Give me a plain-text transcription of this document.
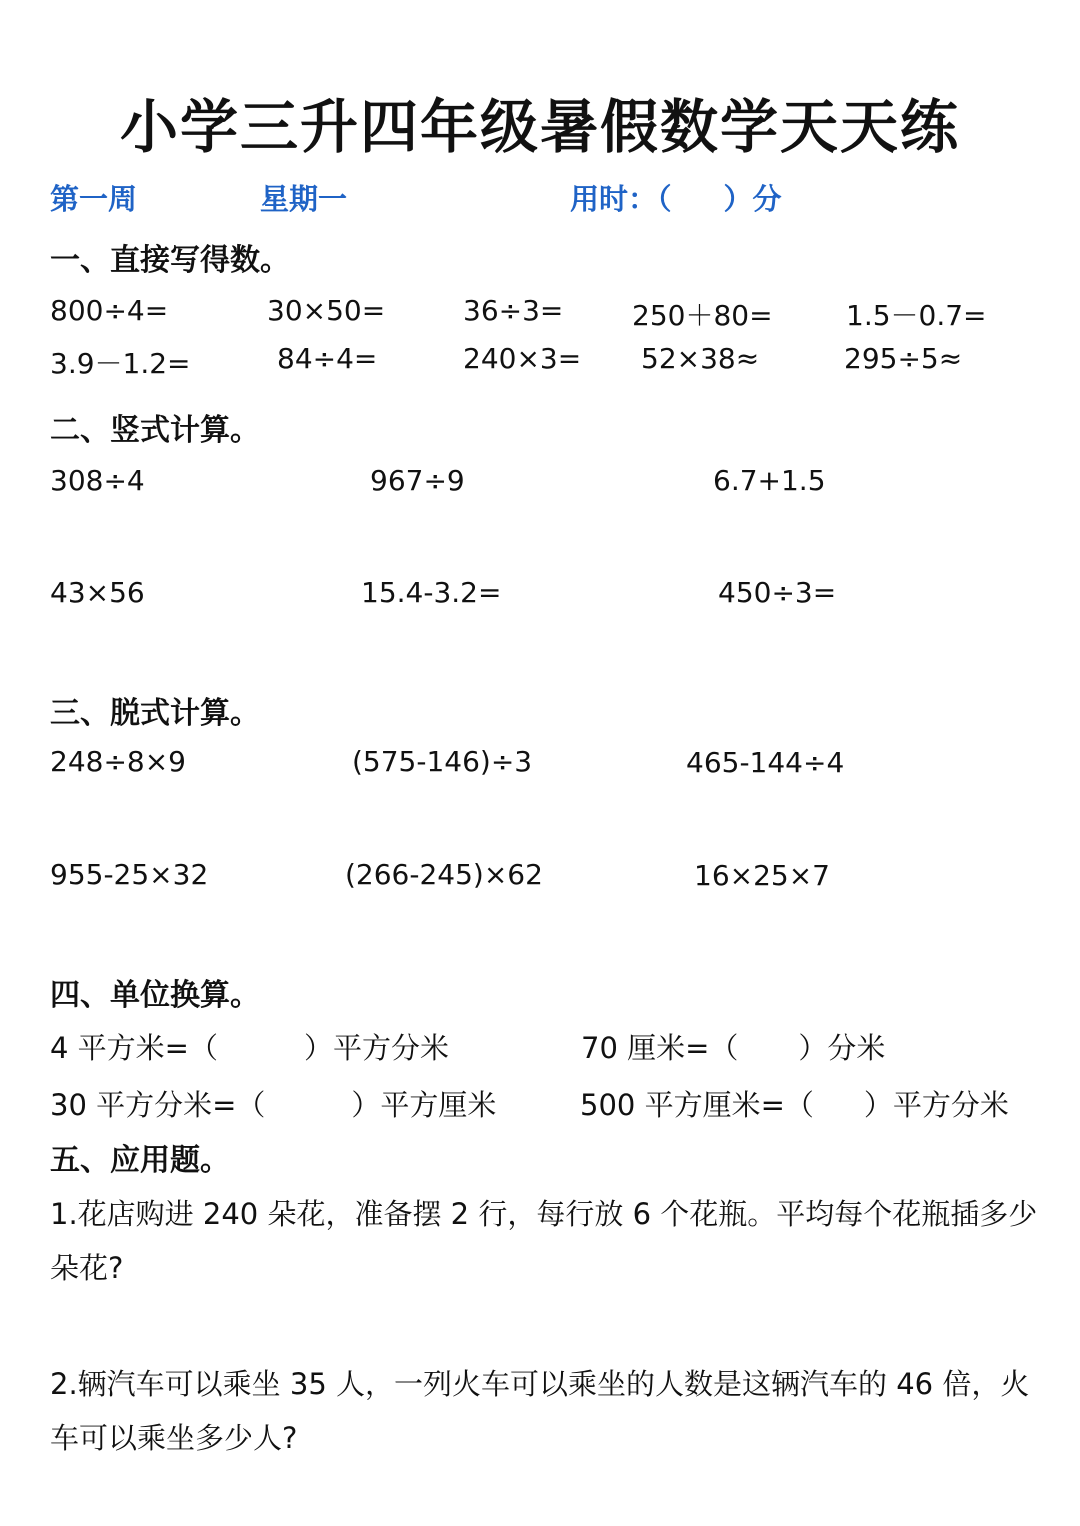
小学三升四年级暑假数学天天练
第一周	星期一	用时：（ ）分
一、直接写得数。
800÷4=	30×50=	36÷3= 250＋80=	1.5－0.7=
3.9－1.2=	84÷4=	240×3= 52×38≈	295÷5≈
二、竖式计算。
308÷4	967÷9	6.7+1.5
43×56	15.4-3.2=	450÷3=
三、脱式计算。
248÷8×9	(575-146)÷3	465-144÷4
955-25×32	(266-245)×62	16×25×7
四、单位换算。
4 平方米=（	）平方分米	70 厘米=（ ）分米
30 平方分米=（	）平方厘米	500 平方厘米=（ ）平方分米
五、应用题。
1.花店购进 240 朵花，准备摆 2 行，每行放 6 个花瓶。平均每个花瓶插多少朵花?
2.辆汽车可以乘坐 35 人，一列火车可以乘坐的人数是这辆汽车的 46 倍，火车可以乘坐多少人?
